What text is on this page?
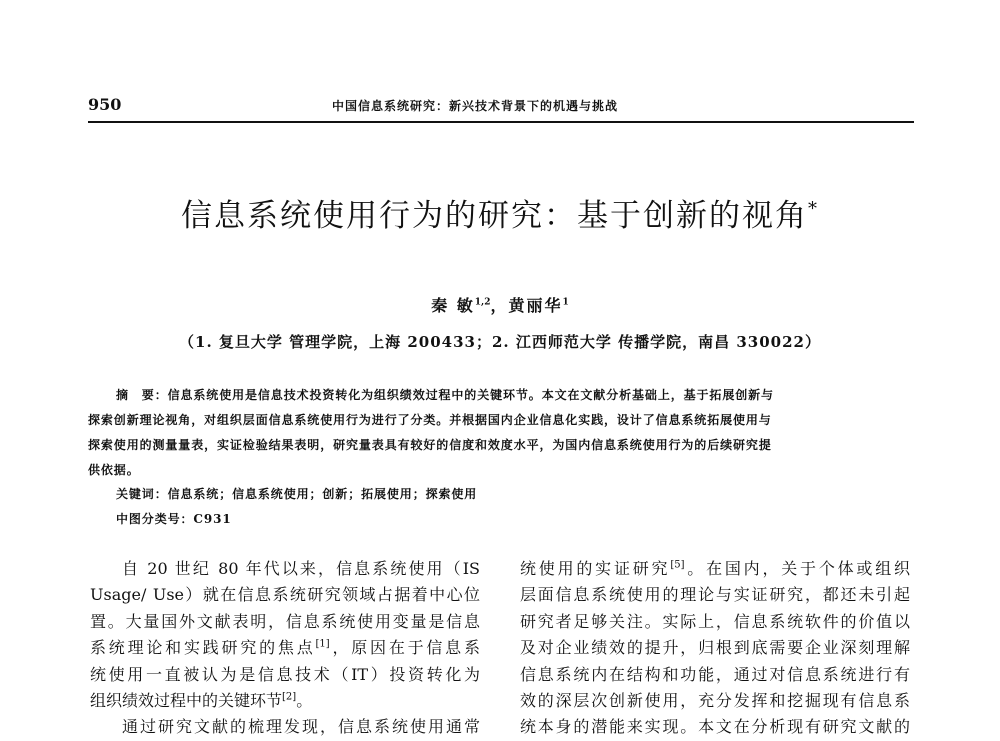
950	中国信息系统研究：新兴技术背景下的机遇与挑战
信息系统使用行为的研究：基于创新的视角*
秦 敏$^{1,2}$，黄丽华$^1$
（1. 复旦大学 管理学院，上海 200433；2. 江西师范大学 传播学院，南昌 330022）
摘　要：信息系统使用是信息技术投资转化为组织绩效过程中的关键环节。本文在文献分析基础上，基于拓展创新与
探索创新理论视角，对组织层面信息系统使用行为进行了分类。并根据国内企业信息化实践，设计了信息系统拓展使用与
探索使用的测量量表，实证检验结果表明，研究量表具有较好的信度和效度水平，为国内信息系统使用行为的后续研究提
供依据。
关键词：信息系统；信息系统使用；创新；拓展使用；探索使用
中图分类号：C931
自 20 世纪 80 年代以来，信息系统使用（IS
Usage/ Use）就在信息系统研究领域占据着中心位
置。大量国外文献表明，信息系统使用变量是信息
系统理论和实践研究的焦点[1]，原因在于信息系
统使用一直被认为是信息技术（IT）投资转化为
组织绩效过程中的关键环节[2]。
通过研究文献的梳理发现，信息系统使用通常
统使用的实证研究[5]。在国内，关于个体或组织
层面信息系统使用的理论与实证研究，都还未引起
研究者足够关注。实际上，信息系统软件的价值以
及对企业绩效的提升，归根到底需要企业深刻理解
信息系统内在结构和功能，通过对信息系统进行有
效的深层次创新使用，充分发挥和挖掘现有信息系
统本身的潜能来实现。本文在分析现有研究文献的
